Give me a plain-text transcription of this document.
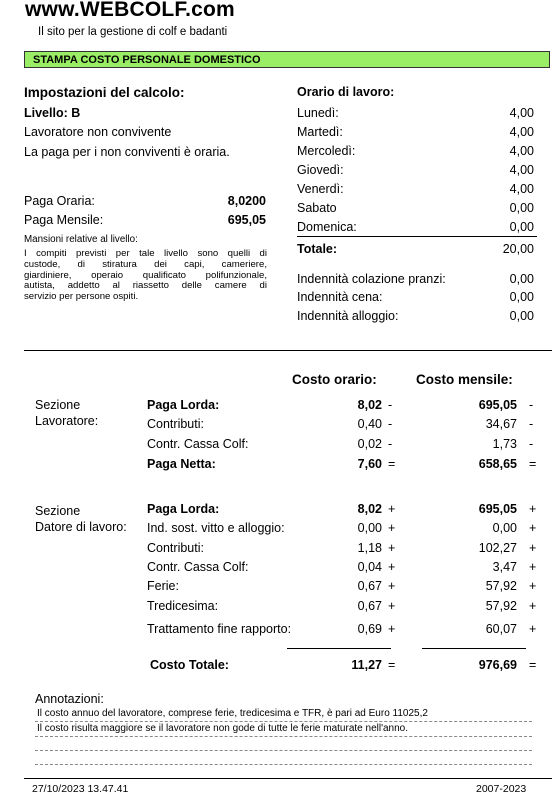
www.WEBCOLF.com
Il sito per la gestione di colf e badanti
STAMPA COSTO PERSONALE DOMESTICO
Impostazioni del calcolo:
Livello: B
Lavoratore non convivente
La paga per i non conviventi è oraria.
Paga Oraria:	8,0200
Paga Mensile:	695,05
Mansioni relative al livello:
I compiti previsti per tale livello sono quelli di
custode, di stiratura dei capi, cameriere,
giardiniere, operaio qualificato polifunzionale,
autista, addetto al riassetto delle camere di
servizio per persone ospiti.
Orario di lavoro:
Lunedì:	4,00
Martedì:	4,00
Mercoledì:	4,00
Giovedì:	4,00
Venerdì:	4,00
Sabato	0,00
Domenica:	0,00
Totale:	20,00
Indennità colazione pranzi:	0,00
Indennità cena:	0,00
Indennità alloggio:	0,00
Costo orario:	Costo mensile:
Sezione
Lavoratore:
Paga Lorda:	8,02 -	695,05 -
Contributi:	0,40 -	34,67 -
Contr. Cassa Colf:	0,02 -	1,73 -
Paga Netta:	7,60 =	658,65 =
Sezione
Datore di lavoro:
Paga Lorda:	8,02 +	695,05 +
Ind. sost. vitto e alloggio:	0,00 +	0,00 +
Contributi:	1,18 +	102,27 +
Contr. Cassa Colf:	0,04 +	3,47 +
Ferie:	0,67 +	57,92 +
Tredicesima:	0,67 +	57,92 +
Trattamento fine rapporto:	0,69 +	60,07 +
Costo Totale:	11,27 =	976,69 =
Annotazioni:
Il costo annuo del lavoratore, comprese ferie, tredicesima e TFR, è pari ad Euro 11025,2
Il costo risulta maggiore se il lavoratore non gode di tutte le ferie maturate nell'anno.
27/10/2023 13.47.41	2007-2023
